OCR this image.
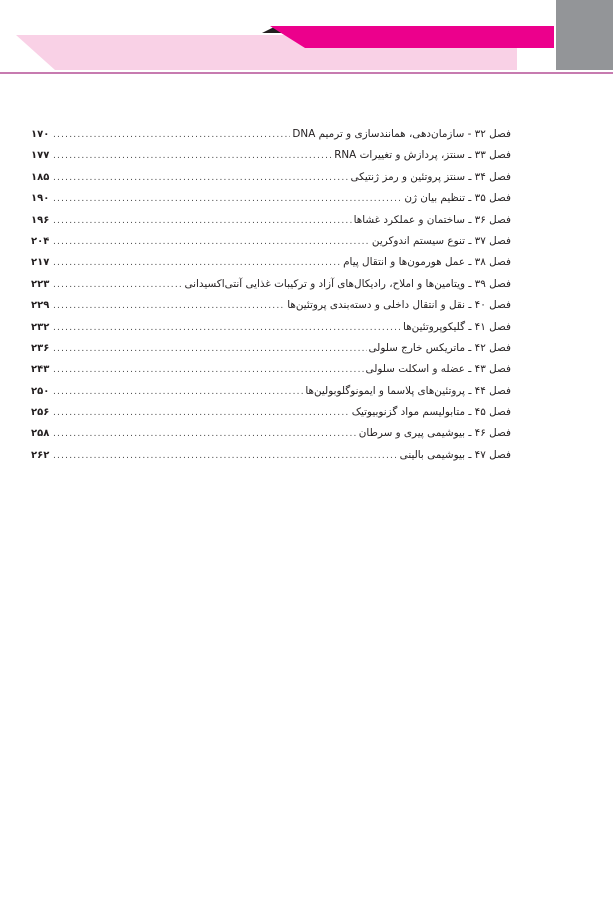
فصل ۳۲ - سازمان‌دهی، همانندسازی و ترمیم DNA
.....
۱۷۰
فصل ۳۳ ـ سنتز، پردازش و تغییرات RNA
.....
۱۷۷
فصل ۳۴ ـ سنتز پروتئین و رمز ژنتیکی
.....
۱۸۵
فصل ۳۵ ـ تنظیم بیان ژن
.....
۱۹۰
فصل ۳۶ ـ ساختمان و عملکرد غشاها
.....
۱۹۶
فصل ۳۷ ـ تنوع سیستم اندوکرین
.....
۲۰۴
فصل ۳۸ ـ عمل هورمون‌ها و انتقال پیام
.....
۲۱۷
فصل ۳۹ ـ ویتامین‌ها و املاح، رادیکال‌های آزاد و ترکیبات غذایی آنتی‌اکسیدانی
.....
۲۲۳
فصل ۴۰ ـ نقل و انتقال داخلی و دسته‌بندی پروتئین‌ها
.....
۲۲۹
فصل ۴۱ ـ گلیکوپروتئین‌ها
.....
۲۳۲
فصل ۴۲ ـ ماتریکس خارج سلولی
.....
۲۳۶
فصل ۴۳ ـ عضله و اسکلت سلولی
.....
۲۴۳
فصل ۴۴ ـ پروتئین‌های پلاسما و ایمونوگلوبولین‌ها
.....
۲۵۰
فصل ۴۵ ـ متابولیسم مواد گزنوبیوتیک
.....
۲۵۶
فصل ۴۶ ـ بیوشیمی پیری و سرطان
.....
۲۵۸
فصل ۴۷ ـ بیوشیمی بالینی
.....
۲۶۲
